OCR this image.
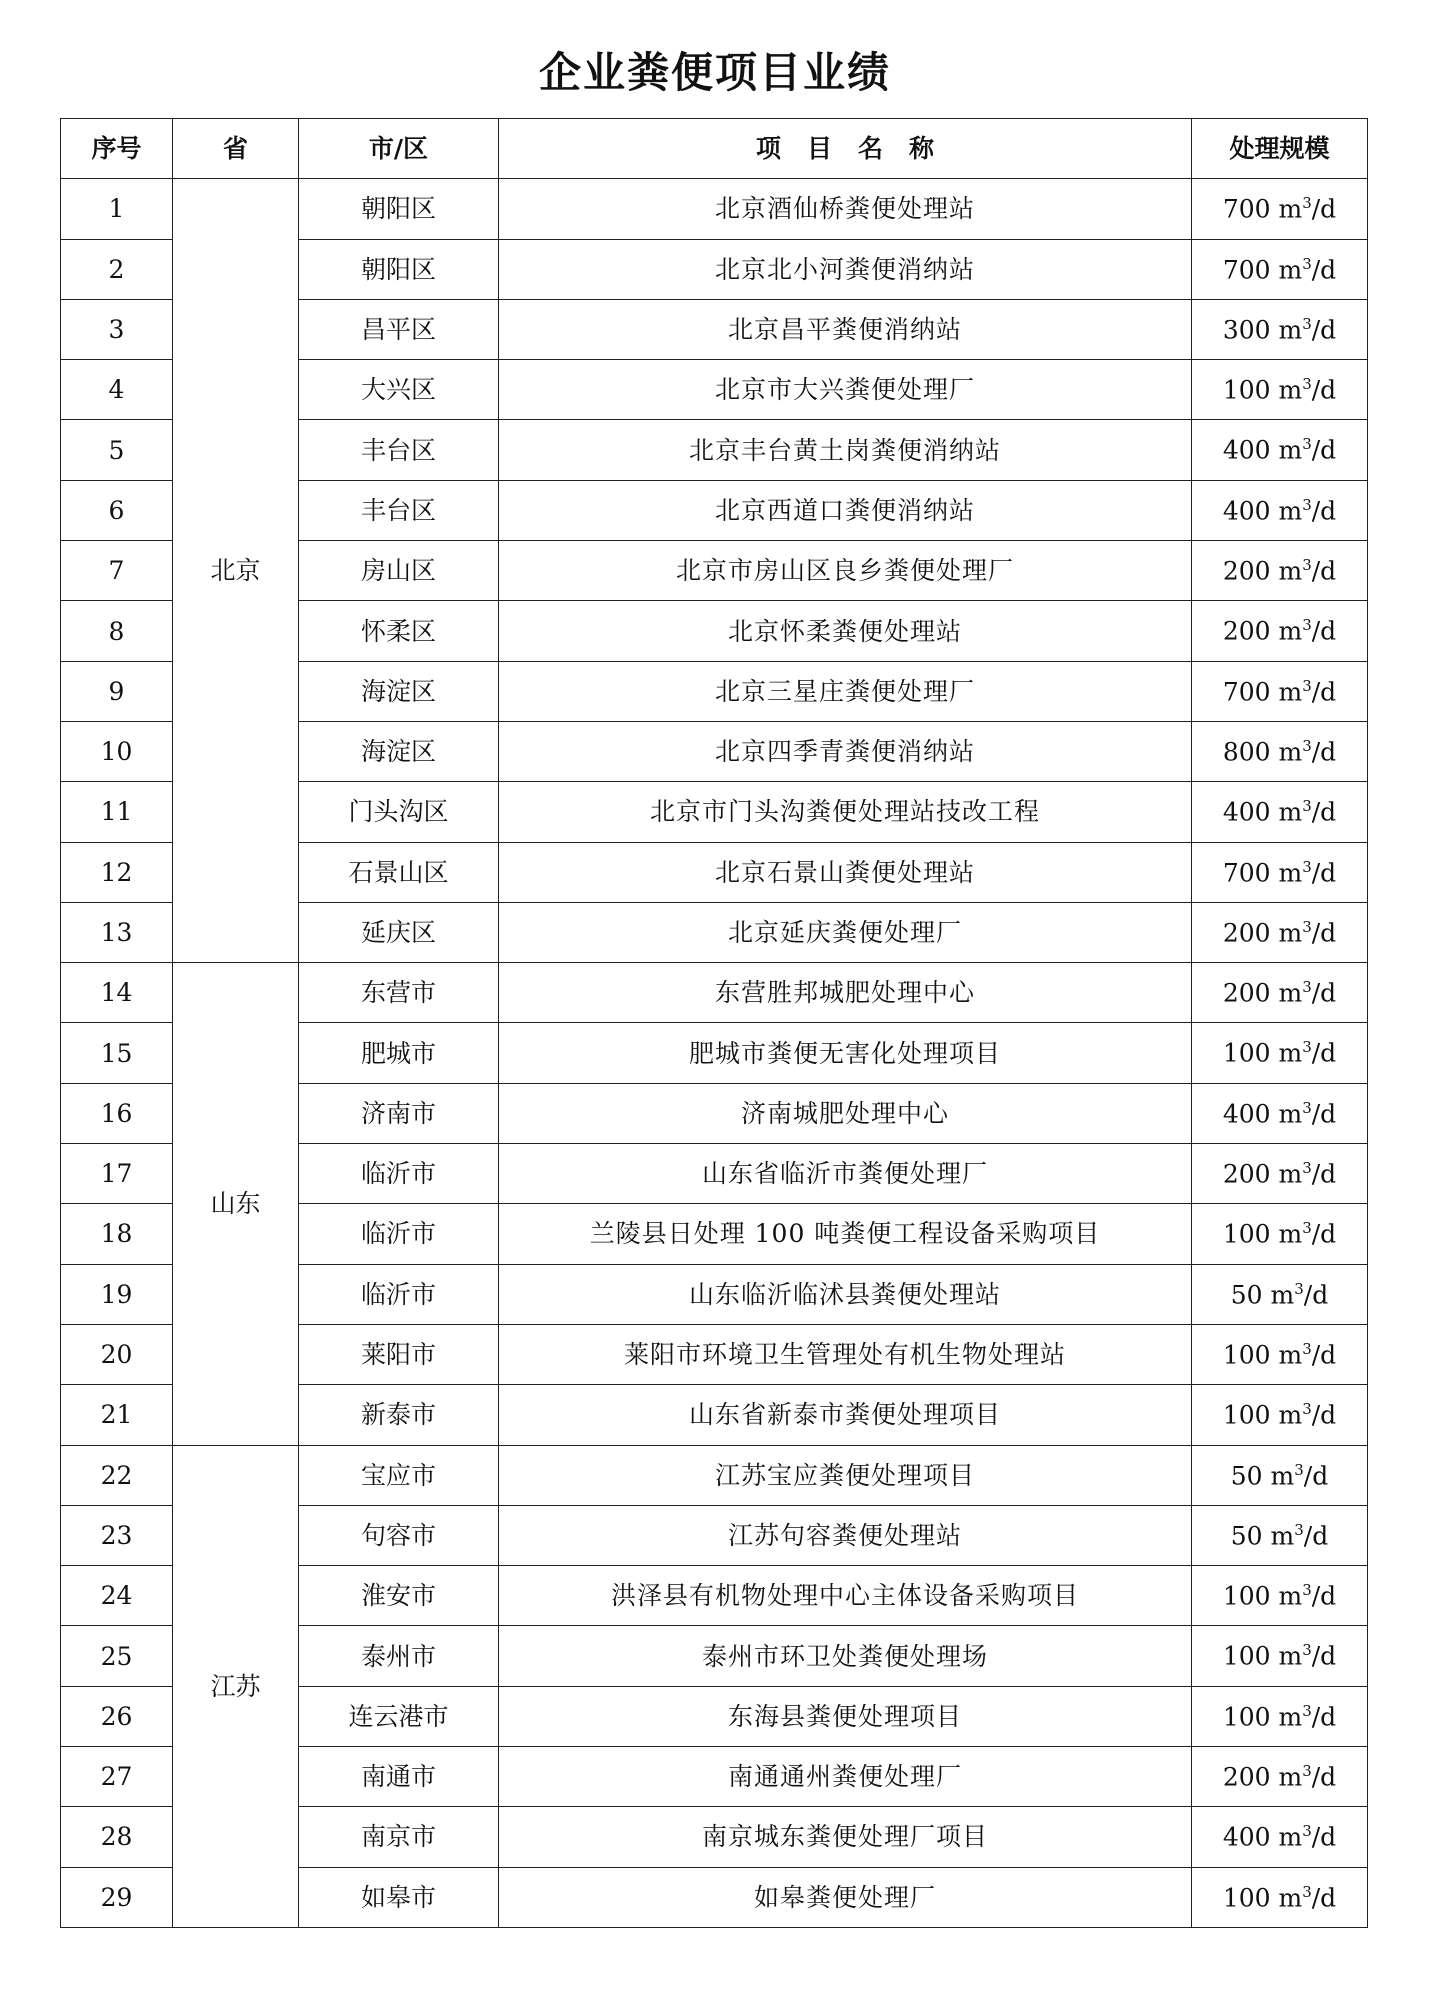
企业粪便项目业绩
序号	省	市/区	项目名称	处理规模
1	北京	朝阳区	北京酒仙桥粪便处理站	700 $m^3/d$
2		朝阳区	北京北小河粪便消纳站	700 $m^3/d$
3		昌平区	北京昌平粪便消纳站	300 $m^3/d$
4		大兴区	北京市大兴粪便处理厂	100 $m^3/d$
5		丰台区	北京丰台黄土岗粪便消纳站	400 $m^3/d$
6		丰台区	北京西道口粪便消纳站	400 $m^3/d$
7		房山区	北京市房山区良乡粪便处理厂	200 $m^3/d$
8		怀柔区	北京怀柔粪便处理站	200 $m^3/d$
9		海淀区	北京三星庄粪便处理厂	700 $m^3/d$
10		海淀区	北京四季青粪便消纳站	800 $m^3/d$
11		门头沟区	北京市门头沟粪便处理站技改工程	400 $m^3/d$
12		石景山区	北京石景山粪便处理站	700 $m^3/d$
13		延庆区	北京延庆粪便处理厂	200 $m^3/d$
14	山东	东营市	东营胜邦城肥处理中心	200 $m^3/d$
15		肥城市	肥城市粪便无害化处理项目	100 $m^3/d$
16		济南市	济南城肥处理中心	400 $m^3/d$
17		临沂市	山东省临沂市粪便处理厂	200 $m^3/d$
18		临沂市	兰陵县日处理 100 吨粪便工程设备采购项目	100 $m^3/d$
19		临沂市	山东临沂临沭县粪便处理站	50 $m^3/d$
20		莱阳市	莱阳市环境卫生管理处有机生物处理站	100 $m^3/d$
21		新泰市	山东省新泰市粪便处理项目	100 $m^3/d$
22	江苏	宝应市	江苏宝应粪便处理项目	50 $m^3/d$
23		句容市	江苏句容粪便处理站	50 $m^3/d$
24		淮安市	洪泽县有机物处理中心主体设备采购项目	100 $m^3/d$
25		泰州市	泰州市环卫处粪便处理场	100 $m^3/d$
26		连云港市	东海县粪便处理项目	100 $m^3/d$
27		南通市	南通通州粪便处理厂	200 $m^3/d$
28		南京市	南京城东粪便处理厂项目	400 $m^3/d$
29		如皋市	如皋粪便处理厂	100 $m^3/d$
